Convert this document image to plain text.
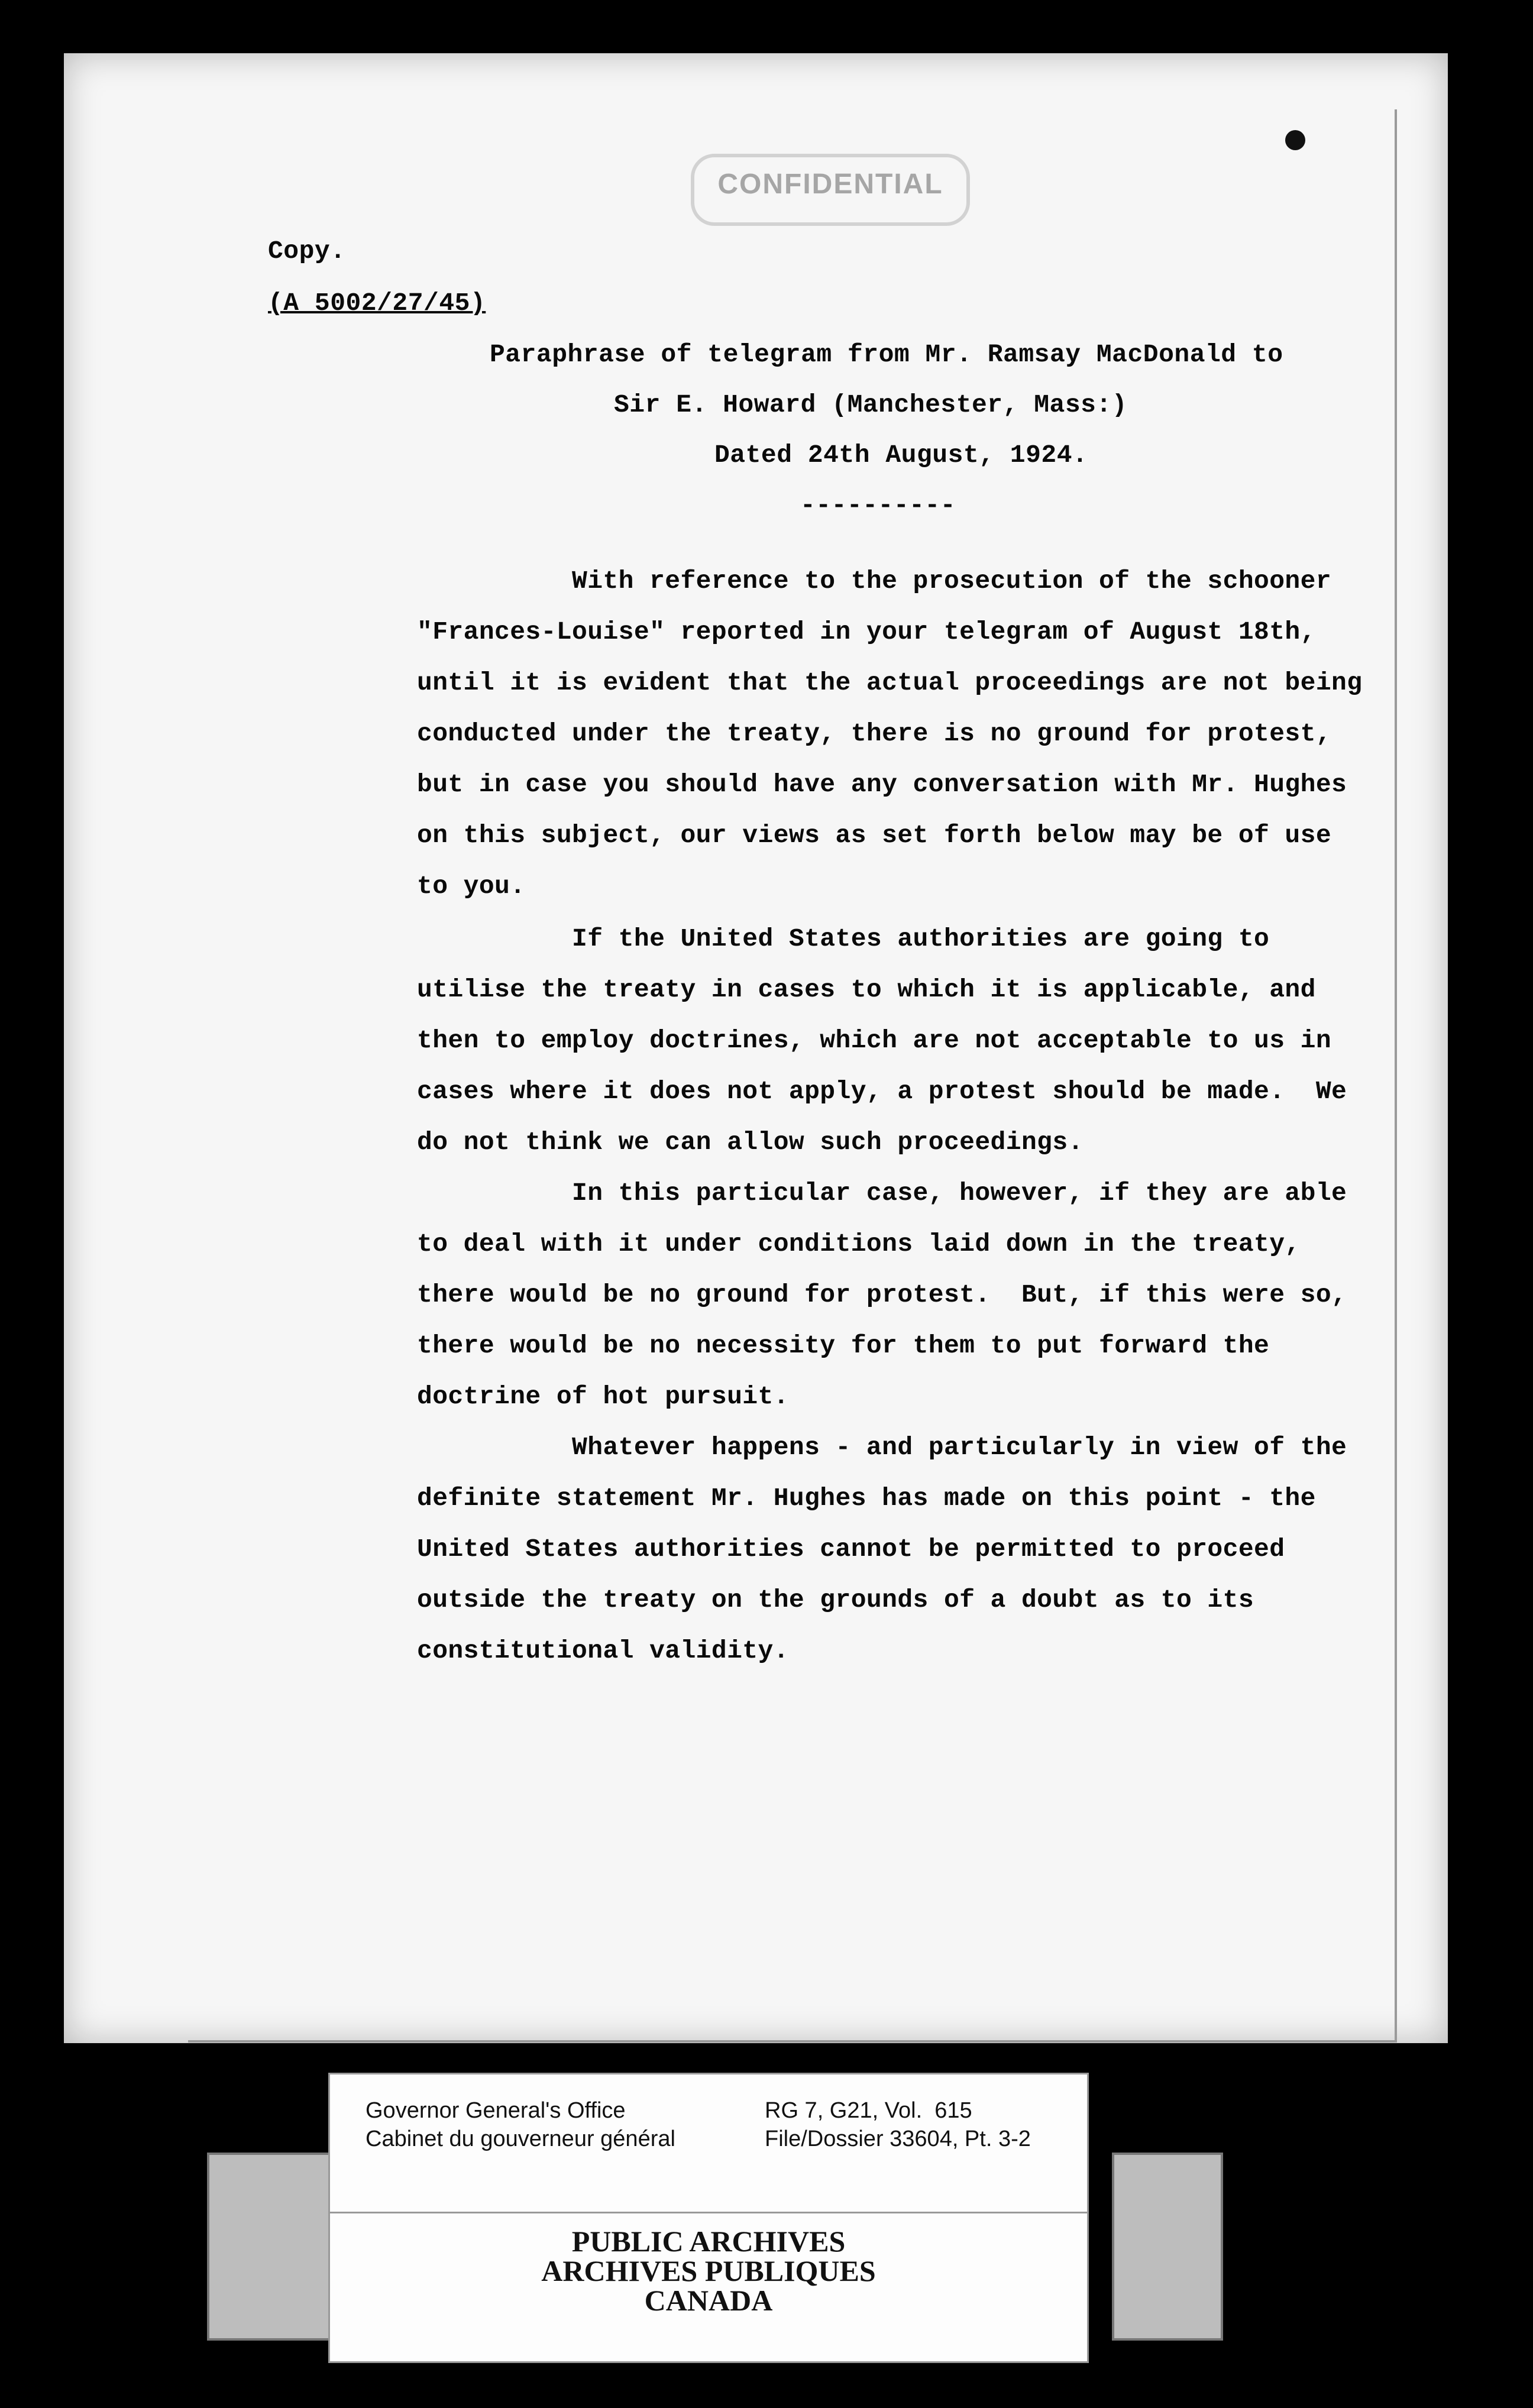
CONFIDENTIAL
Copy.
(A 5002/27/45)
Paraphrase of telegram from Mr. Ramsay MacDonald to
Sir E. Howard (Manchester, Mass:)
Dated 24th August, 1924.
----------
With reference to the prosecution of the schooner
"Frances-Louise" reported in your telegram of August 18th,
until it is evident that the actual proceedings are not being
conducted under the treaty, there is no ground for protest,
but in case you should have any conversation with Mr. Hughes
on this subject, our views as set forth below may be of use
to you.
If the United States authorities are going to
utilise the treaty in cases to which it is applicable, and
then to employ doctrines, which are not acceptable to us in
cases where it does not apply, a protest should be made.  We
do not think we can allow such proceedings.
In this particular case, however, if they are able
to deal with it under conditions laid down in the treaty,
there would be no ground for protest.  But, if this were so,
there would be no necessity for them to put forward the
doctrine of hot pursuit.
Whatever happens - and particularly in view of the
definite statement Mr. Hughes has made on this point - the
United States authorities cannot be permitted to proceed
outside the treaty on the grounds of a doubt as to its
constitutional validity.
Governor General's Office
Cabinet du gouverneur général
RG 7, G21, Vol.  615
File/Dossier 33604, Pt. 3-2
PUBLIC ARCHIVES
ARCHIVES PUBLIQUES
CANADA
